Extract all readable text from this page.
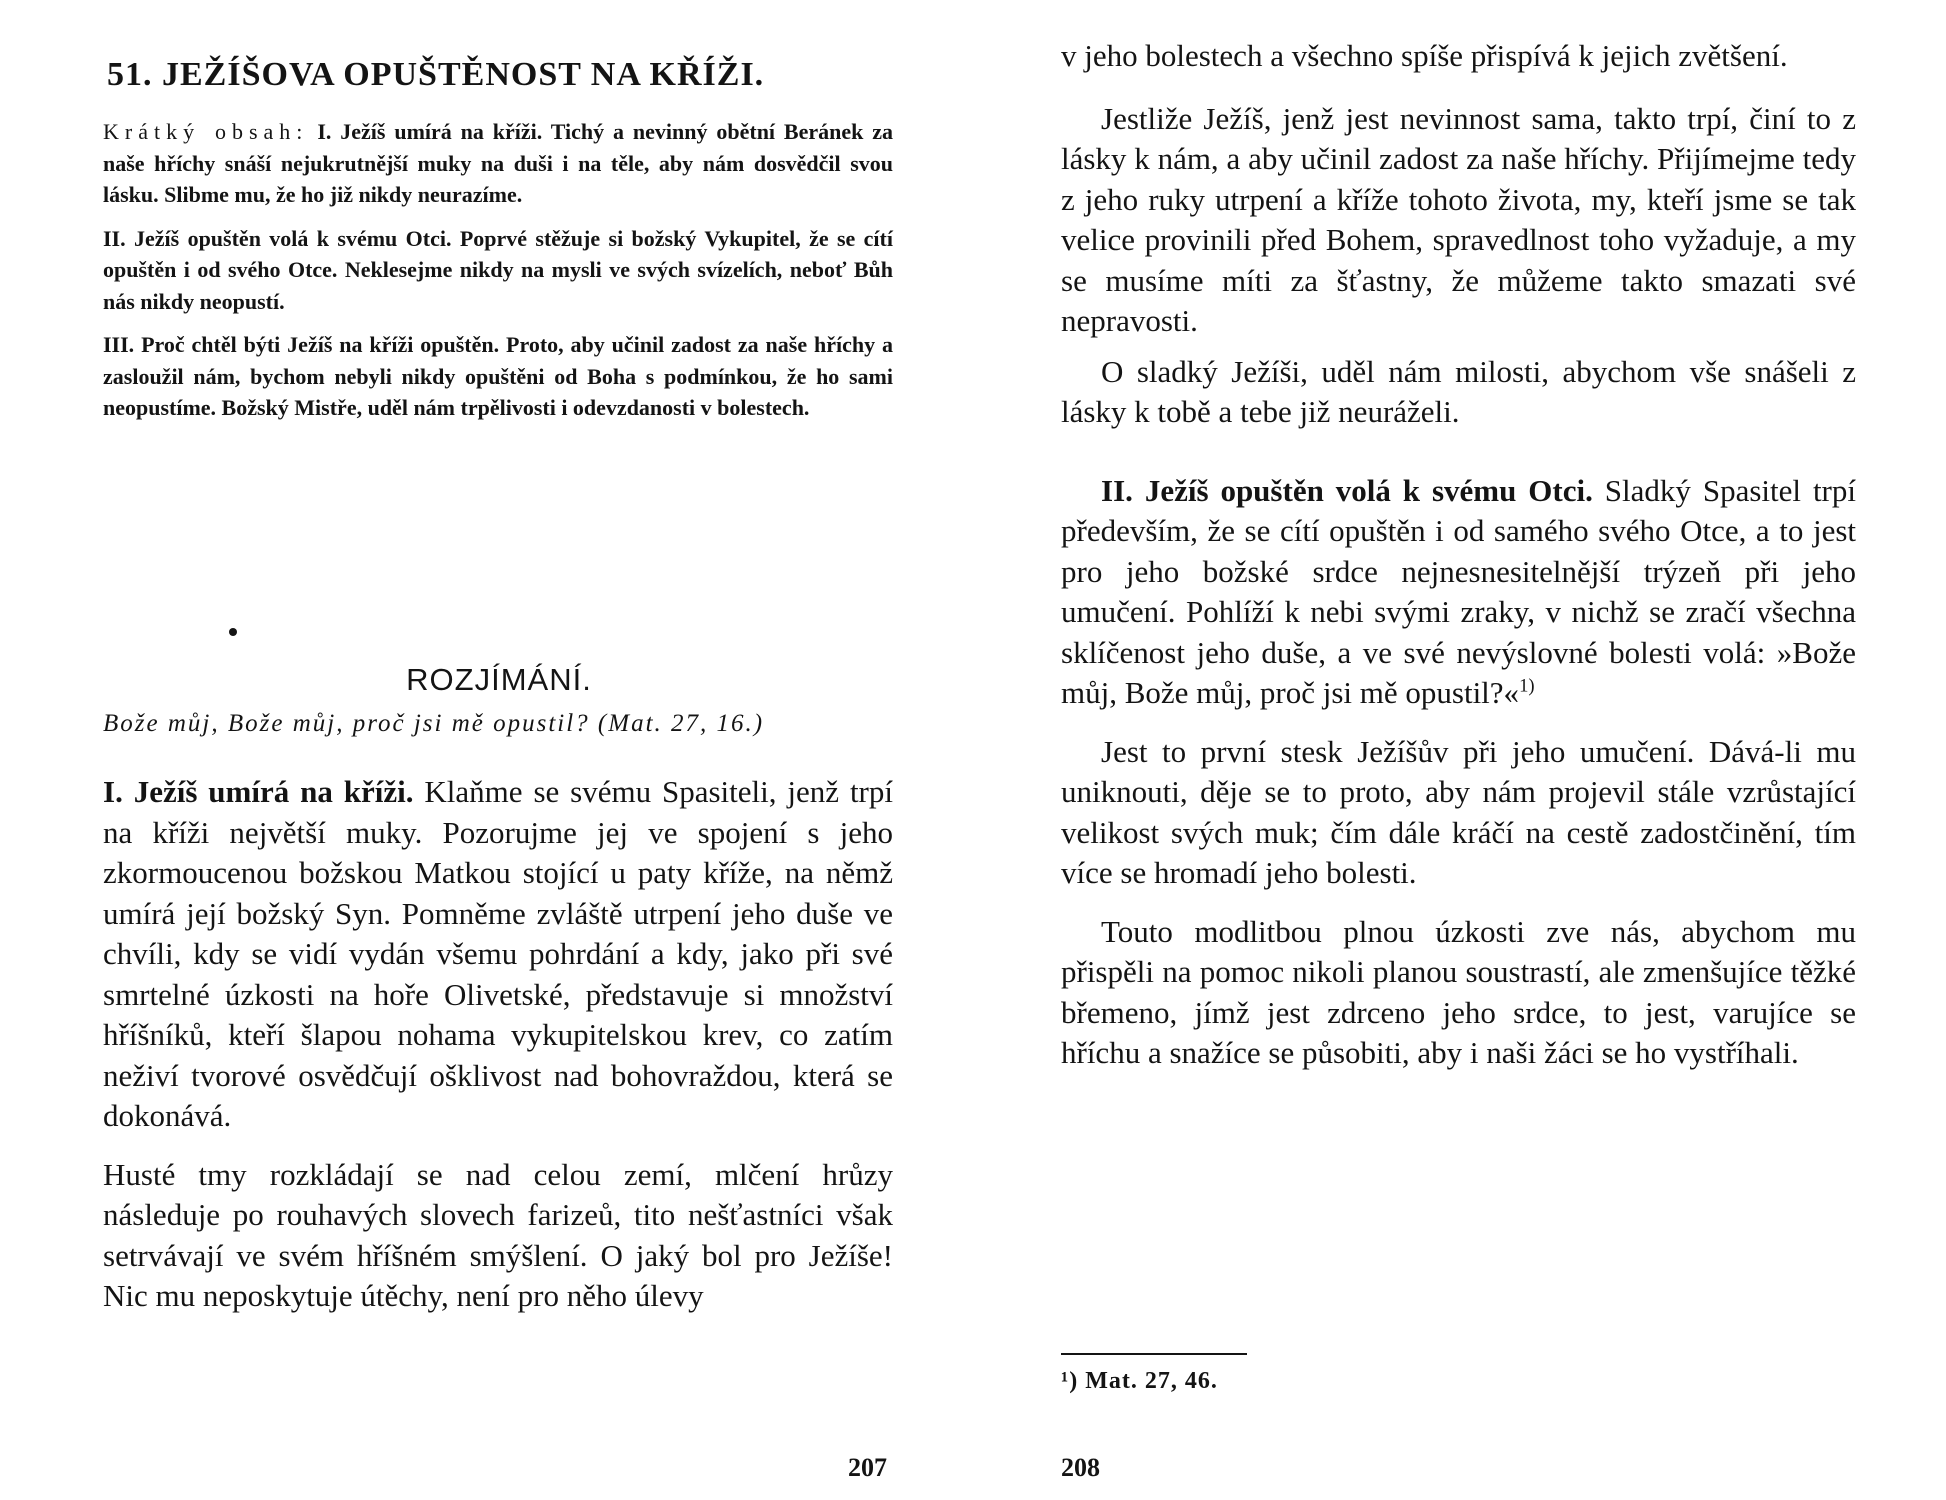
51. JEŽÍŠOVA OPUŠTĚNOST NA KŘÍŽI.

Krátký obsah: I. Ježíš umírá na kříži. Tichý a nevinný obětní Beránek za naše hříchy snáší nejukrutnější muky na duši i na těle, aby nám dosvědčil svou lásku. Slibme mu, že ho již nikdy neurazíme.

II. Ježíš opuštěn volá k svému Otci. Poprvé stěžuje si božský Vykupitel, že se cítí opuštěn i od svého Otce. Neklesejme nikdy na mysli ve svých svízelích, neboť Bůh nás nikdy neopustí.

III. Proč chtěl býti Ježíš na kříži opuštěn. Proto, aby učinil zadost za naše hříchy a zasloužil nám, bychom nebyli nikdy opuštěni od Boha s podmínkou, že ho sami neopustíme. Božský Mistře, uděl nám trpělivosti i odevzdanosti v bolestech.

ROZJÍMÁNÍ.
Bože můj, Bože můj, proč jsi mě opustil? (Mat. 27, 16.)

I. Ježíš umírá na kříži. Klaňme se svému Spasiteli, jenž trpí na kříži největší muky. Pozorujme jej ve spojení s jeho zkormoucenou božskou Matkou stojící u paty kříže, na němž umírá její božský Syn. Pomněme zvláště utrpení jeho duše ve chvíli, kdy se vidí vydán všemu pohrdání a kdy, jako při své smrtelné úzkosti na hoře Olivetské, představuje si množství hříšníků, kteří šlapou nohama vykupitelskou krev, co zatím neživí tvorové osvědčují ošklivost nad bohovraždou, která se dokonává.

Husté tmy rozkládají se nad celou zemí, mlčení hrůzy následuje po rouhavých slovech farizeů, tito nešťastníci však setrvávají ve svém hříšném smýšlení. O jaký bol pro Ježíše! Nic mu neposkytuje útěchy, není pro něho úlevy

207

v jeho bolestech a všechno spíše přispívá k jejich zvětšení.

Jestliže Ježíš, jenž jest nevinnost sama, takto trpí, činí to z lásky k nám, a aby učinil zadost za naše hříchy. Přijímejme tedy z jeho ruky utrpení a kříže tohoto života, my, kteří jsme se tak velice provinili před Bohem, spravedlnost toho vyžaduje, a my se musíme míti za šťastny, že můžeme takto smazati své nepravosti.

O sladký Ježíši, uděl nám milosti, abychom vše snášeli z lásky k tobě a tebe již neuráželi.

II. Ježíš opuštěn volá k svému Otci. Sladký Spasitel trpí především, že se cítí opuštěn i od samého svého Otce, a to jest pro jeho božské srdce nejnesnesitelnější trýzeň při jeho umučení. Pohlíží k nebi svými zraky, v nichž se zračí všechna sklíčenost jeho duše, a ve své nevýslovné bolesti volá: »Bože můj, Bože můj, proč jsi mě opustil?«$^{1)}$

Jest to první stesk Ježíšův při jeho umučení. Dává-li mu uniknouti, děje se to proto, aby nám projevil stále vzrůstající velikost svých muk; čím dále kráčí na cestě zadostčinění, tím více se hromadí jeho bolesti.

Touto modlitbou plnou úzkosti zve nás, abychom mu přispěli na pomoc nikoli planou soustrastí, ale zmenšujíce těžké břemeno, jímž jest zdrceno jeho srdce, to jest, varujíce se hříchu a snažíce se působiti, aby i naši žáci se ho vystříhali.

¹) Mat. 27, 46.
208
